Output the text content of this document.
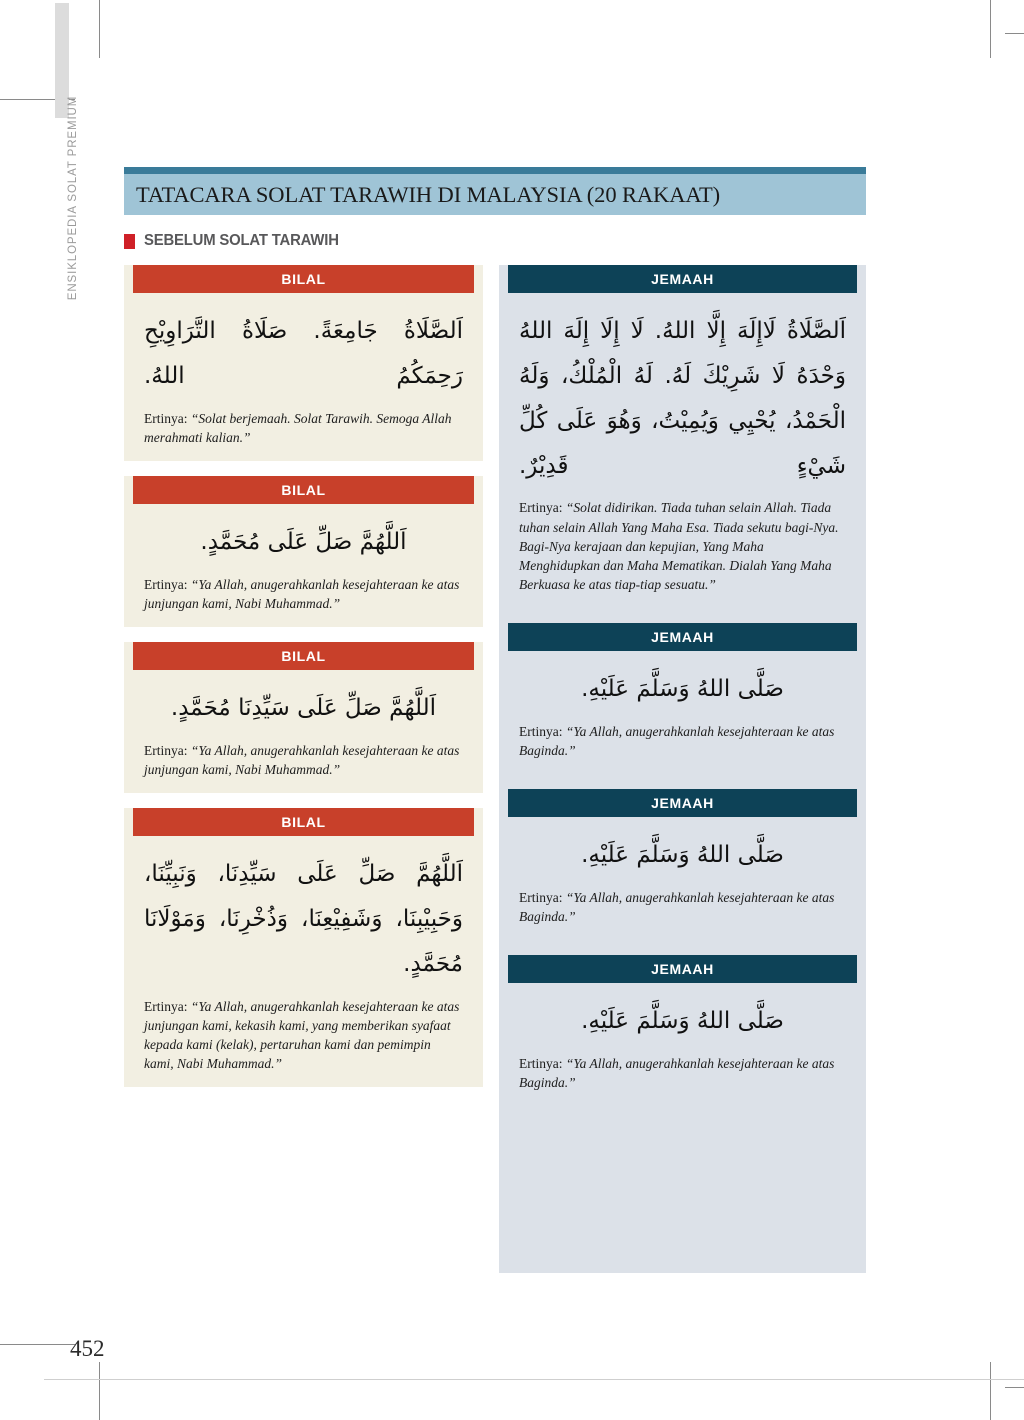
ENSIKLOPEDIA SOLAT PREMIUM	TATACARA SOLAT TARAWIH DI MALAYSIA (20 RAKAAT)
SEBELUM SOLAT TARAWIH
BILAL
اَلصَّلَاةُ جَامِعَةً. صَلَاةُ التَّرَاوِيْحِ رَحِمَكُمُ اللهُ.
Ertinya: “Solat berjemaah. Solat Tarawih. Semoga Allah merahmati kalian.”
BILAL
اَللَّهُمَّ صَلِّ عَلَى مُحَمَّدٍ.
Ertinya: “Ya Allah, anugerahkanlah kesejahteraan ke atas junjungan kami, Nabi Muhammad.”
BILAL
اَللَّهُمَّ صَلِّ عَلَى سَيِّدِنَا مُحَمَّدٍ.
Ertinya: “Ya Allah, anugerahkanlah kesejahteraan ke atas junjungan kami, Nabi Muhammad.”
BILAL
اَللَّهُمَّ صَلِّ عَلَى سَيِّدِنَا، وَنَبِيِّنَا، وَحَبِيْبِنَا، وَشَفِيْعِنَا، وَذُخْرِنَا، وَمَوْلَانَا مُحَمَّدٍ.
Ertinya: “Ya Allah, anugerahkanlah kesejahteraan ke atas junjungan kami, kekasih kami, yang memberikan syafaat kepada kami (kelak), pertaruhan kami dan pemimpin kami, Nabi Muhammad.”
JEMAAH
اَلصَّلَاةُ لَاإِلَهَ إِلَّا اللهُ. لَا إِلَا إِلَهَ اللهُ وَحْدَهُ لَا شَرِيْكَ لَهُ. لَهُ الْمُلْكُ، وَلَهُ الْحَمْدُ، يُحْيِي وَيُمِيْتُ، وَهُوَ عَلَى كُلِّ شَيْءٍ قَدِيْرٌ.
Ertinya: “Solat didirikan. Tiada tuhan selain Allah. Tiada tuhan selain Allah Yang Maha Esa. Tiada sekutu bagi-Nya. Bagi-Nya kerajaan dan kepujian, Yang Maha Menghidupkan dan Maha Mematikan. Dialah Yang Maha Berkuasa ke atas tiap-tiap sesuatu.”
JEMAAH
صَلَّى اللهُ وَسَلَّمَ عَلَيْهِ.
Ertinya: “Ya Allah, anugerahkanlah kesejahteraan ke atas Baginda.”
JEMAAH
صَلَّى اللهُ وَسَلَّمَ عَلَيْهِ.
Ertinya: “Ya Allah, anugerahkanlah kesejahteraan ke atas Baginda.”
JEMAAH
صَلَّى اللهُ وَسَلَّمَ عَلَيْهِ.
Ertinya: “Ya Allah, anugerahkanlah kesejahteraan ke atas Baginda.”
452
